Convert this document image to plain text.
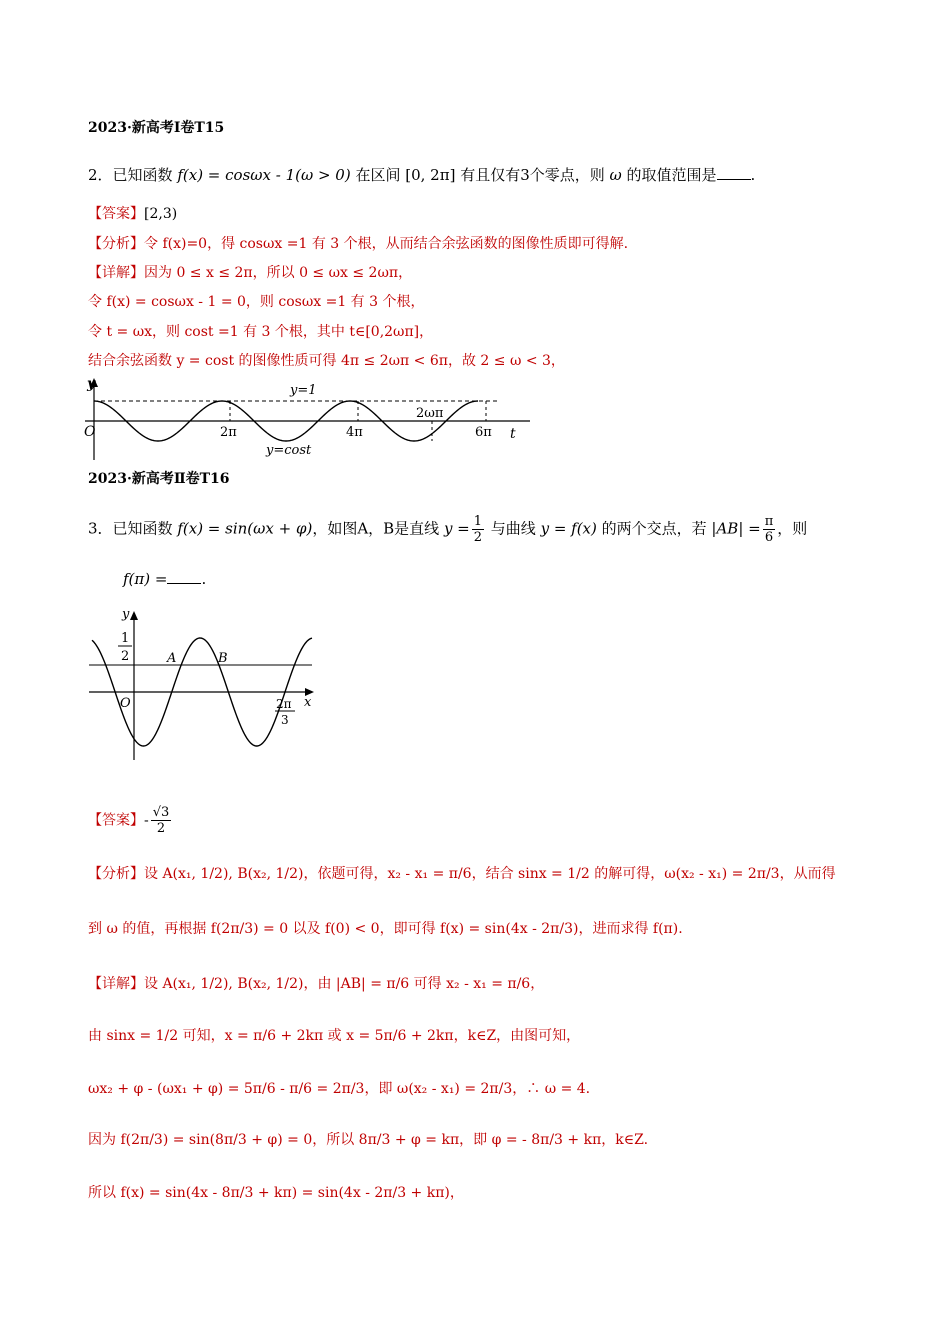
2023·新高考Ⅰ卷T15
2．已知函数 f(x) = cosωx - 1(ω > 0) 在区间 [0, 2π] 有且仅有3个零点，则 ω 的取值范围是 .
【答案】[2,3)
【分析】令 f(x)=0，得 cosωx =1 有 3 个根，从而结合余弦函数的图像性质即可得解.
【详解】因为 0 ≤ x ≤ 2π，所以 0 ≤ ωx ≤ 2ωπ，
令 f(x) = cosωx - 1 = 0，则 cosωx =1 有 3 个根，
令 t = ωx，则 cost =1 有 3 个根，其中 t∈[0,2ωπ]，
结合余弦函数 y = cost 的图像性质可得 4π ≤ 2ωπ < 6π，故 2 ≤ ω < 3，
y
t
O
y=1
y=cost
2π	4π	6π
2ωπ
2023·新高考Ⅱ卷T16
3．已知函数 f(x) = sin(ωx + φ)，如图A，B是直线 $y = \frac{1}{2}$ 与曲线 y = f(x) 的两个交点，若 $|AB| = \frac{\pi}{6}$ ，则
f(π) = .
y
x
O
A	B
1
2
2π
3
【答案】- $\frac{√3}{2}$
【分析】设 A(x₁, 1/2), B(x₂, 1/2)，依题可得，x₂ - x₁ = π/6，结合 sinx = 1/2 的解可得，ω(x₂ - x₁) = 2π/3，从而得
到 ω 的值，再根据 f(2π/3) = 0 以及 f(0) < 0，即可得 f(x) = sin(4x - 2π/3)，进而求得 f(π).
【详解】设 A(x₁, 1/2), B(x₂, 1/2)，由 |AB| = π/6 可得 x₂ - x₁ = π/6，
由 sinx = 1/2 可知，x = π/6 + 2kπ 或 x = 5π/6 + 2kπ，k∈Z，由图可知，
ωx₂ + φ - (ωx₁ + φ) = 5π/6 - π/6 = 2π/3，即 ω(x₂ - x₁) = 2π/3，∴ ω = 4.
因为 f(2π/3) = sin(8π/3 + φ) = 0，所以 8π/3 + φ = kπ，即 φ = - 8π/3 + kπ，k∈Z.
所以 f(x) = sin(4x - 8π/3 + kπ) = sin(4x - 2π/3 + kπ)，
